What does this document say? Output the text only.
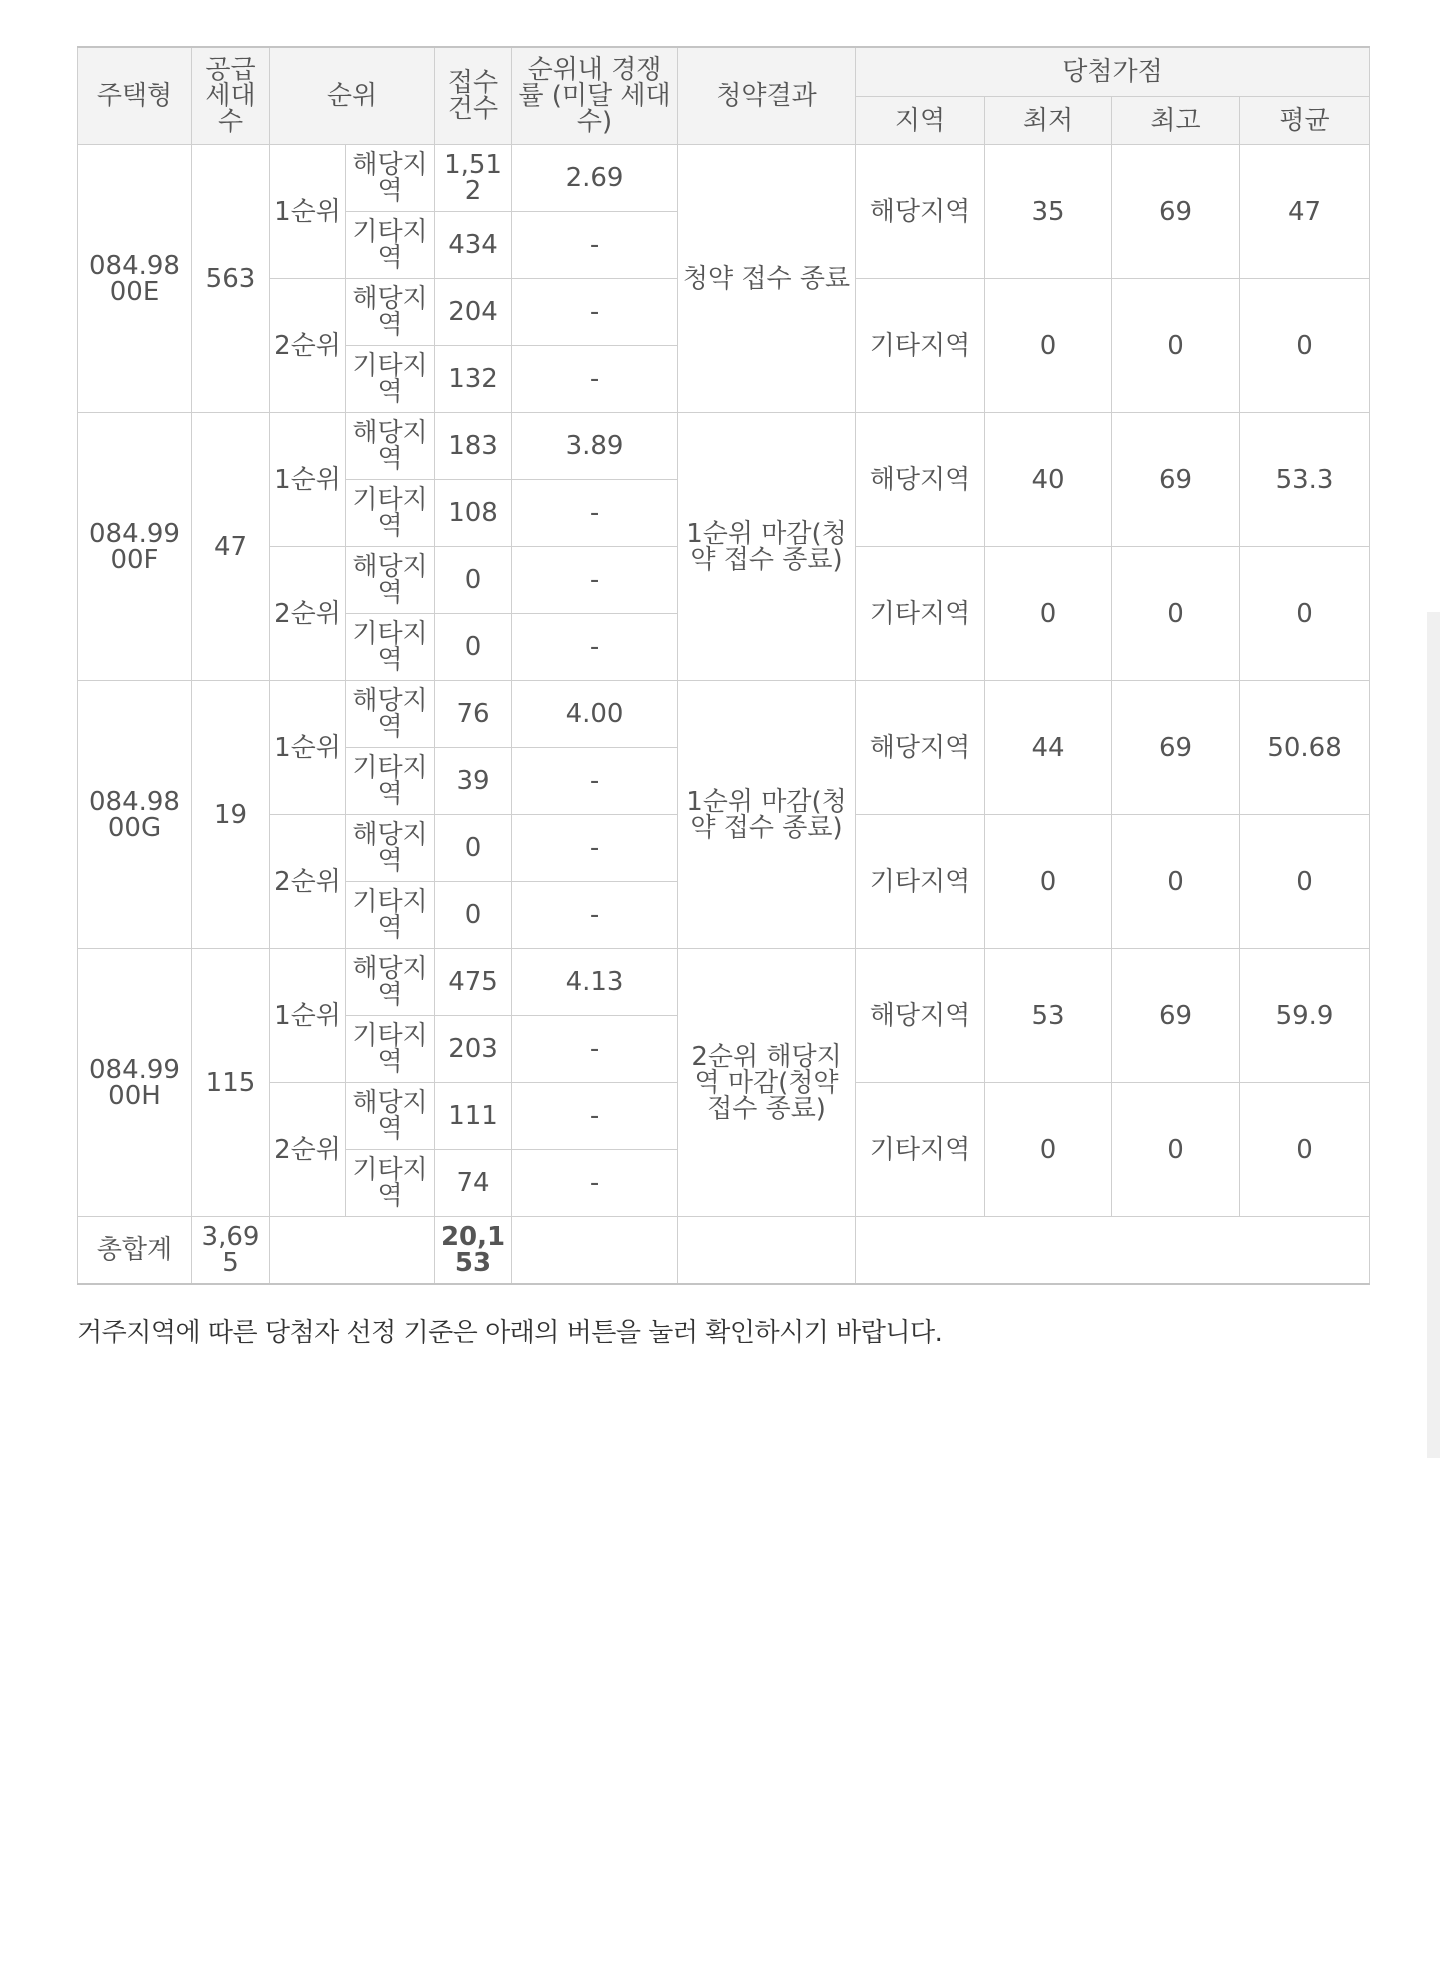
주택형	공급세대수	순위		접수건수	순위내 경쟁률 (미달 세대수)	청약결과	당첨가점			
							지역	최저	최고	평균
084.9800E	563	1순위	해당지역	1,512	2.69	청약 접수 종료	해당지역	35	69	47
			기타지역	434	-					
		2순위	해당지역	204	-		기타지역	0	0	0
			기타지역	132	-					
084.9900F	47	1순위	해당지역	183	3.89	1순위 마감(청약 접수 종료)	해당지역	40	69	53.3
			기타지역	108	-					
		2순위	해당지역	0	-		기타지역	0	0	0
			기타지역	0	-					
084.9800G	19	1순위	해당지역	76	4.00	1순위 마감(청약 접수 종료)	해당지역	44	69	50.68
			기타지역	39	-					
		2순위	해당지역	0	-		기타지역	0	0	0
			기타지역	0	-					
084.9900H	115	1순위	해당지역	475	4.13	2순위 해당지역 마감(청약 접수 종료)	해당지역	53	69	59.9
			기타지역	203	-					
		2순위	해당지역	111	-		기타지역	0	0	0
			기타지역	74	-					
총합계	3,695			20,153						
거주지역에 따른 당첨자 선정 기준은 아래의 버튼을 눌러 확인하시기 바랍니다.
